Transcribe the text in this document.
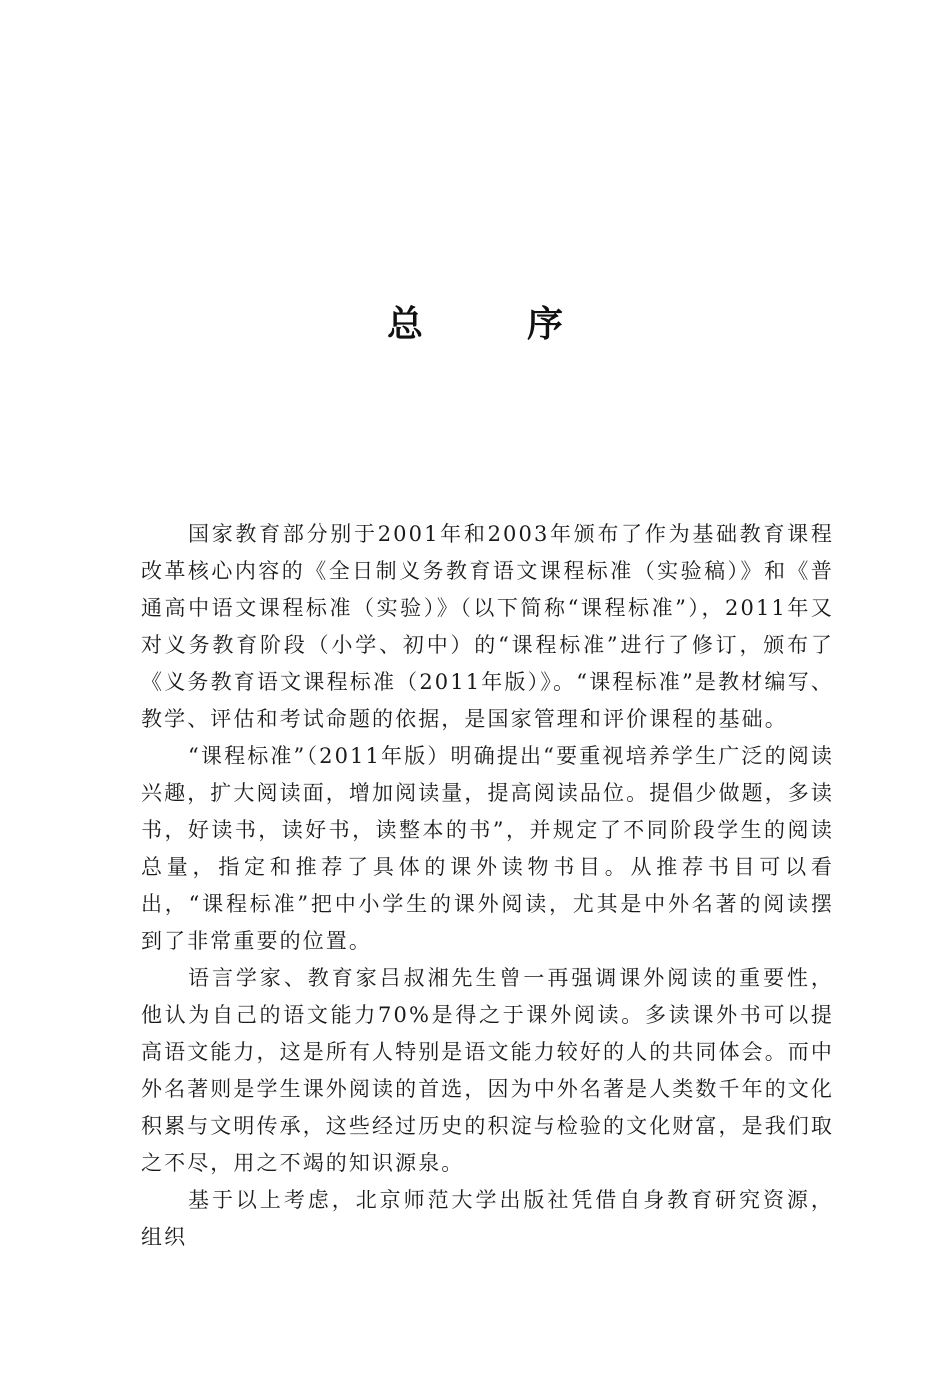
总　序

国家教育部分别于2001年和2003年颁布了作为基础教育课程改革核心内容的《全日制义务教育语文课程标准（实验稿）》和《普通高中语文课程标准（实验）》（以下简称“课程标准”），2011年又对义务教育阶段（小学、初中）的“课程标准”进行了修订，颁布了《义务教育语文课程标准（2011年版）》。“课程标准”是教材编写、教学、评估和考试命题的依据，是国家管理和评价课程的基础。

“课程标准”（2011年版）明确提出“要重视培养学生广泛的阅读兴趣，扩大阅读面，增加阅读量，提高阅读品位。提倡少做题，多读书，好读书，读好书，读整本的书”，并规定了不同阶段学生的阅读总量，指定和推荐了具体的课外读物书目。从推荐书目可以看出，“课程标准”把中小学生的课外阅读，尤其是中外名著的阅读摆到了非常重要的位置。

语言学家、教育家吕叔湘先生曾一再强调课外阅读的重要性，他认为自己的语文能力70%是得之于课外阅读。多读课外书可以提高语文能力，这是所有人特别是语文能力较好的人的共同体会。而中外名著则是学生课外阅读的首选，因为中外名著是人类数千年的文化积累与文明传承，这些经过历史的积淀与检验的文化财富，是我们取之不尽，用之不竭的知识源泉。

基于以上考虑，北京师范大学出版社凭借自身教育研究资源，组织
